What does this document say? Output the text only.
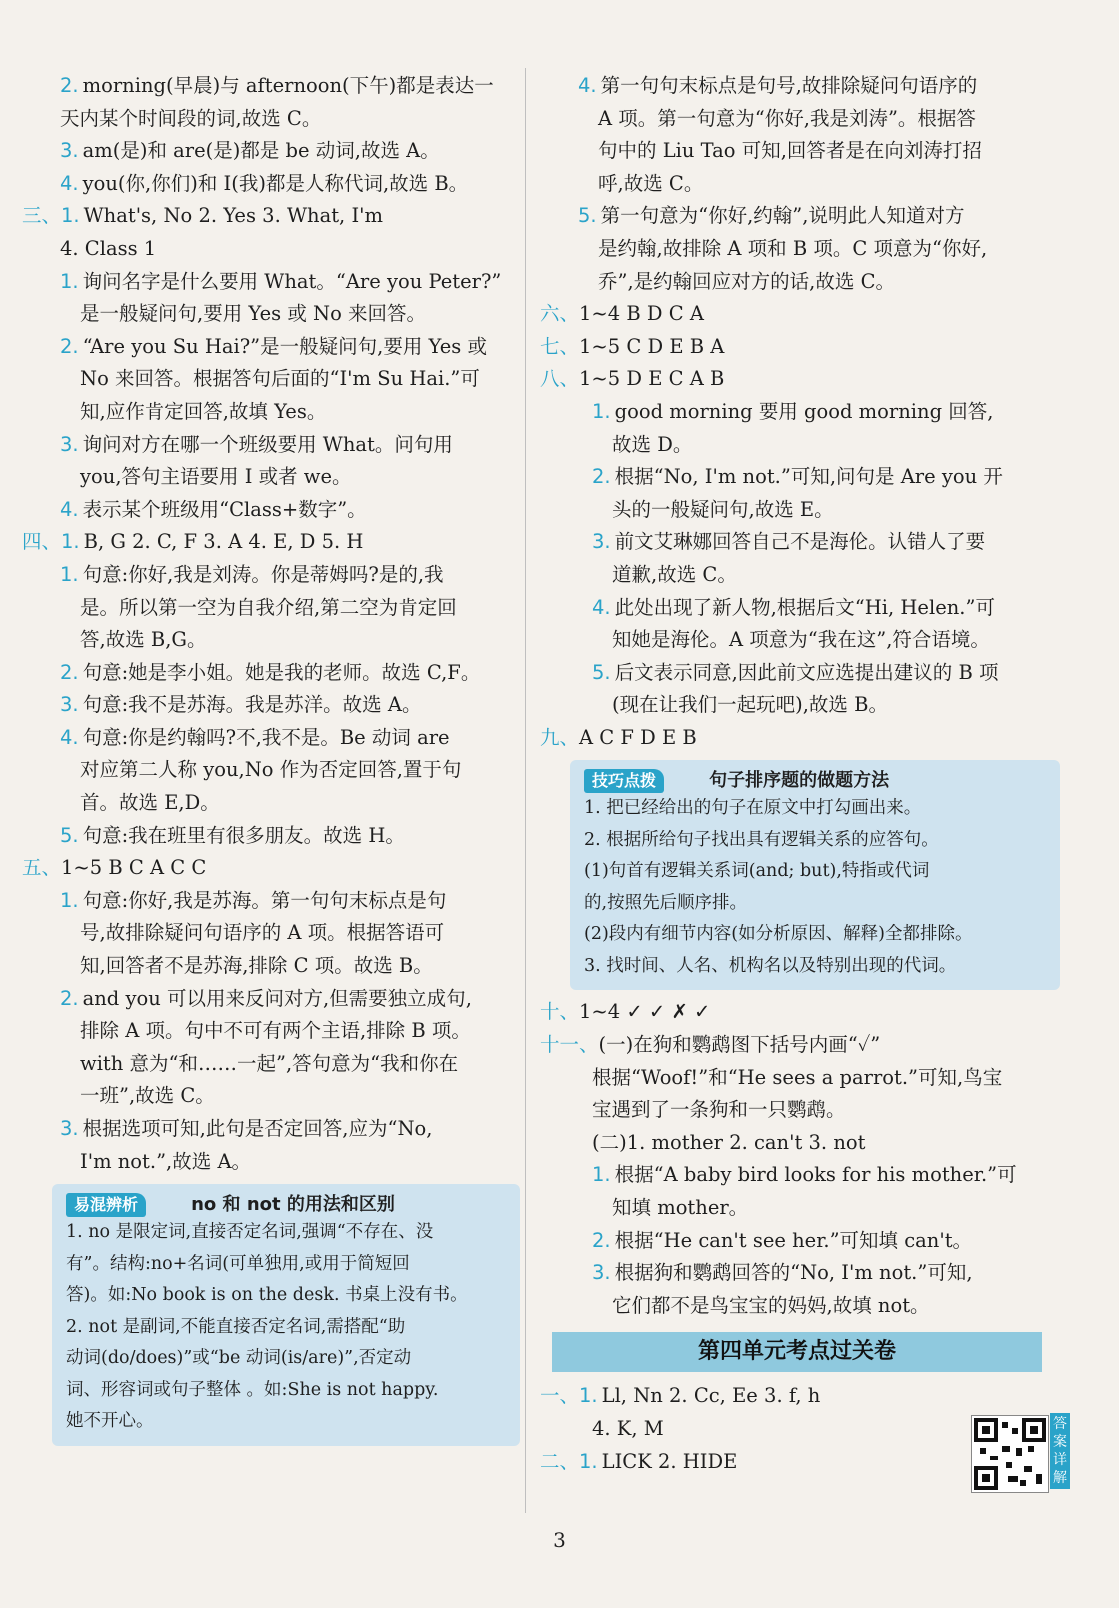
2. morning(早晨)与 afternoon(下午)都是表达一

天内某个时间段的词,故选 C。

3. am(是)和 are(是)都是 be 动词,故选 A。

4. you(你,你们)和 I(我)都是人称代词,故选 B。

三、1. What's, No 2. Yes 3. What, I'm

4. Class 1

1. 询问名字是什么要用 What。“Are you Peter?”

是一般疑问句,要用 Yes 或 No 来回答。

2. “Are you Su Hai?”是一般疑问句,要用 Yes 或

No 来回答。根据答句后面的“I'm Su Hai.”可

知,应作肯定回答,故填 Yes。

3. 询问对方在哪一个班级要用 What。问句用

you,答句主语要用 I 或者 we。

4. 表示某个班级用“Class+数字”。

四、1. B, G 2. C, F 3. A 4. E, D 5. H

1. 句意:你好,我是刘涛。你是蒂姆吗?是的,我

是。所以第一空为自我介绍,第二空为肯定回

答,故选 B,G。

2. 句意:她是李小姐。她是我的老师。故选 C,F。

3. 句意:我不是苏海。我是苏洋。故选 A。

4. 句意:你是约翰吗?不,我不是。Be 动词 are

对应第二人称 you,No 作为否定回答,置于句

首。故选 E,D。

5. 句意:我在班里有很多朋友。故选 H。

五、1~5 B C A C C

1. 句意:你好,我是苏海。第一句句末标点是句

号,故排除疑问句语序的 A 项。根据答语可

知,回答者不是苏海,排除 C 项。故选 B。

2. and you 可以用来反问对方,但需要独立成句,

排除 A 项。句中不可有两个主语,排除 B 项。

with 意为“和……一起”,答句意为“我和你在

一班”,故选 C。

3. 根据选项可知,此句是否定回答,应为“No,

I'm not.”,故选 A。

易混辨析	no 和 not 的用法和区别

1. no 是限定词,直接否定名词,强调“不存在、没

有”。结构:no+名词(可单独用,或用于简短回

答)。如:No book is on the desk. 书桌上没有书。

2. not 是副词,不能直接否定名词,需搭配“助

动词(do/does)”或“be 动词(is/are)”,否定动

词、形容词或句子整体 。如:She is not happy.

她不开心。

4. 第一句句末标点是句号,故排除疑问句语序的

A 项。第一句意为“你好,我是刘涛”。根据答

句中的 Liu Tao 可知,回答者是在向刘涛打招

呼,故选 C。

5. 第一句意为“你好,约翰”,说明此人知道对方

是约翰,故排除 A 项和 B 项。C 项意为“你好,

乔”,是约翰回应对方的话,故选 C。

六、1~4 B D C A

七、1~5 C D E B A

八、1~5 D E C A B

1. good morning 要用 good morning 回答,

故选 D。

2. 根据“No, I'm not.”可知,问句是 Are you 开

头的一般疑问句,故选 E。

3. 前文艾琳娜回答自己不是海伦。认错人了要

道歉,故选 C。

4. 此处出现了新人物,根据后文“Hi, Helen.”可

知她是海伦。A 项意为“我在这”,符合语境。

5. 后文表示同意,因此前文应选提出建议的 B 项

(现在让我们一起玩吧),故选 B。

九、A C F D E B

技巧点拨	句子排序题的做题方法

1. 把已经给出的句子在原文中打勾画出来。

2. 根据所给句子找出具有逻辑关系的应答句。

(1)句首有逻辑关系词(and; but),特指或代词

的,按照先后顺序排。

(2)段内有细节内容(如分析原因、解释)全都排除。

3. 找时间、人名、机构名以及特别出现的代词。

十、1~4 ✓ ✓ ✗ ✓

十一、(一)在狗和鹦鹉图下括号内画“✓”

根据“Woof!”和“He sees a parrot.”可知,鸟宝

宝遇到了一条狗和一只鹦鹉。

(二)1. mother 2. can't 3. not

1. 根据“A baby bird looks for his mother.”可

知填 mother。

2. 根据“He can't see her.”可知填 can't。

3. 根据狗和鹦鹉回答的“No, I'm not.”可知,

它们都不是鸟宝宝的妈妈,故填 not。

第四单元考点过关卷

一、1. Ll, Nn 2. Cc, Ee 3. f, h

4. K, M

二、1. LICK 2. HIDE

答案详解
3
